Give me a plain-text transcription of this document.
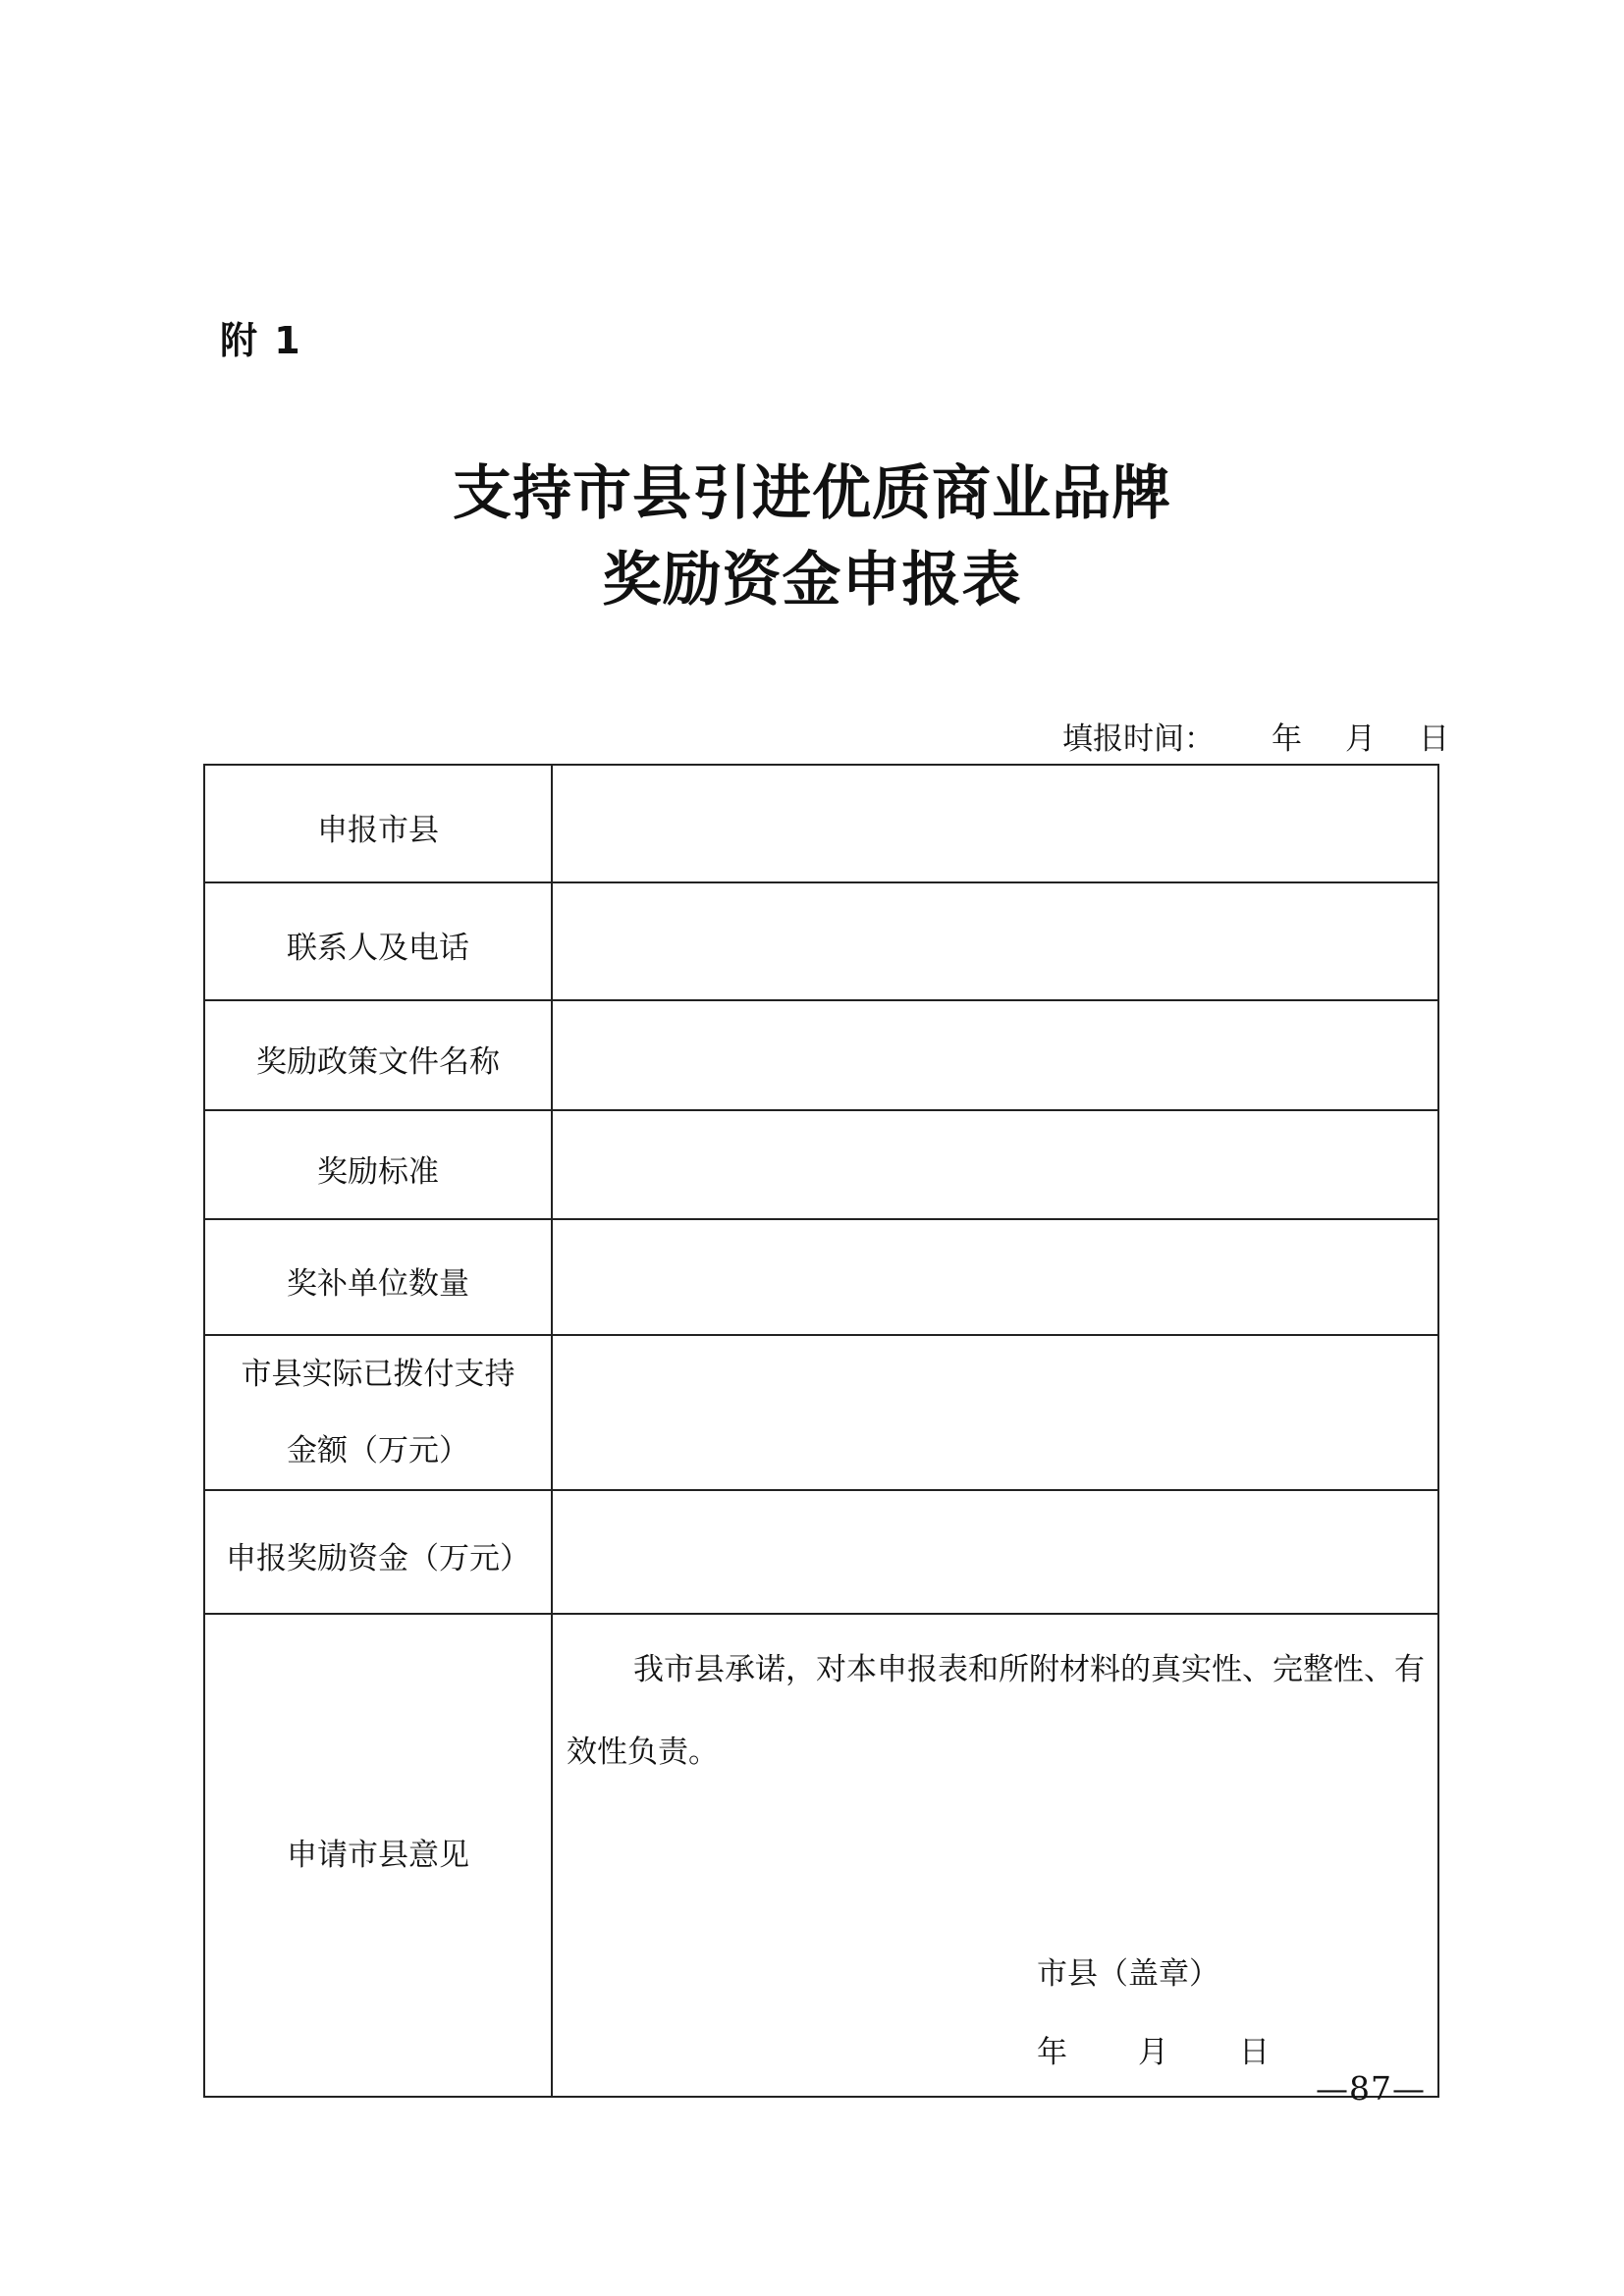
附 1
支持市县引进优质商业品牌
奖励资金申报表
填报时间： 年 月 日
申报市县	
联系人及电话	
奖励政策文件名称	
奖励标准	
奖补单位数量	

市县实际已拨付支持
金额（万元）	

申报奖励资金（万元）	
申请市县意见	我市县承诺，对本申报表和所附材料的真实性、完整性、有效性负责。

市县（盖章）
年 月 日
—87—
